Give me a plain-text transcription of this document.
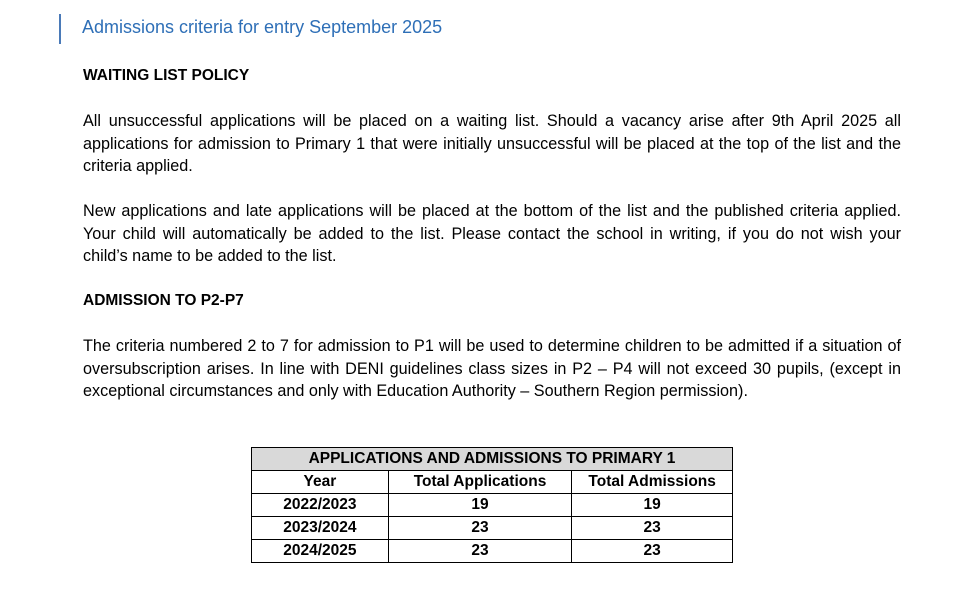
Admissions criteria for entry September 2025
WAITING LIST POLICY
All unsuccessful applications will be placed on a waiting list. Should a vacancy arise after 9th April 2025 all applications for admission to Primary 1 that were initially unsuccessful will be placed at the top of the list and the criteria applied.
New applications and late applications will be placed at the bottom of the list and the published criteria applied. Your child will automatically be added to the list. Please contact the school in writing, if you do not wish your child’s name to be added to the list.
ADMISSION TO P2-P7
The criteria numbered 2 to 7 for admission to P1 will be used to determine children to be admitted if a situation of oversubscription arises. In line with DENI guidelines class sizes in P2 – P4 will not exceed 30 pupils, (except in exceptional circumstances and only with Education Authority – Southern Region permission).
APPLICATIONS AND ADMISSIONS TO PRIMARY 1		
Year	Total Applications	Total Admissions
2022/2023	19	19
2023/2024	23	23
2024/2025	23	23
